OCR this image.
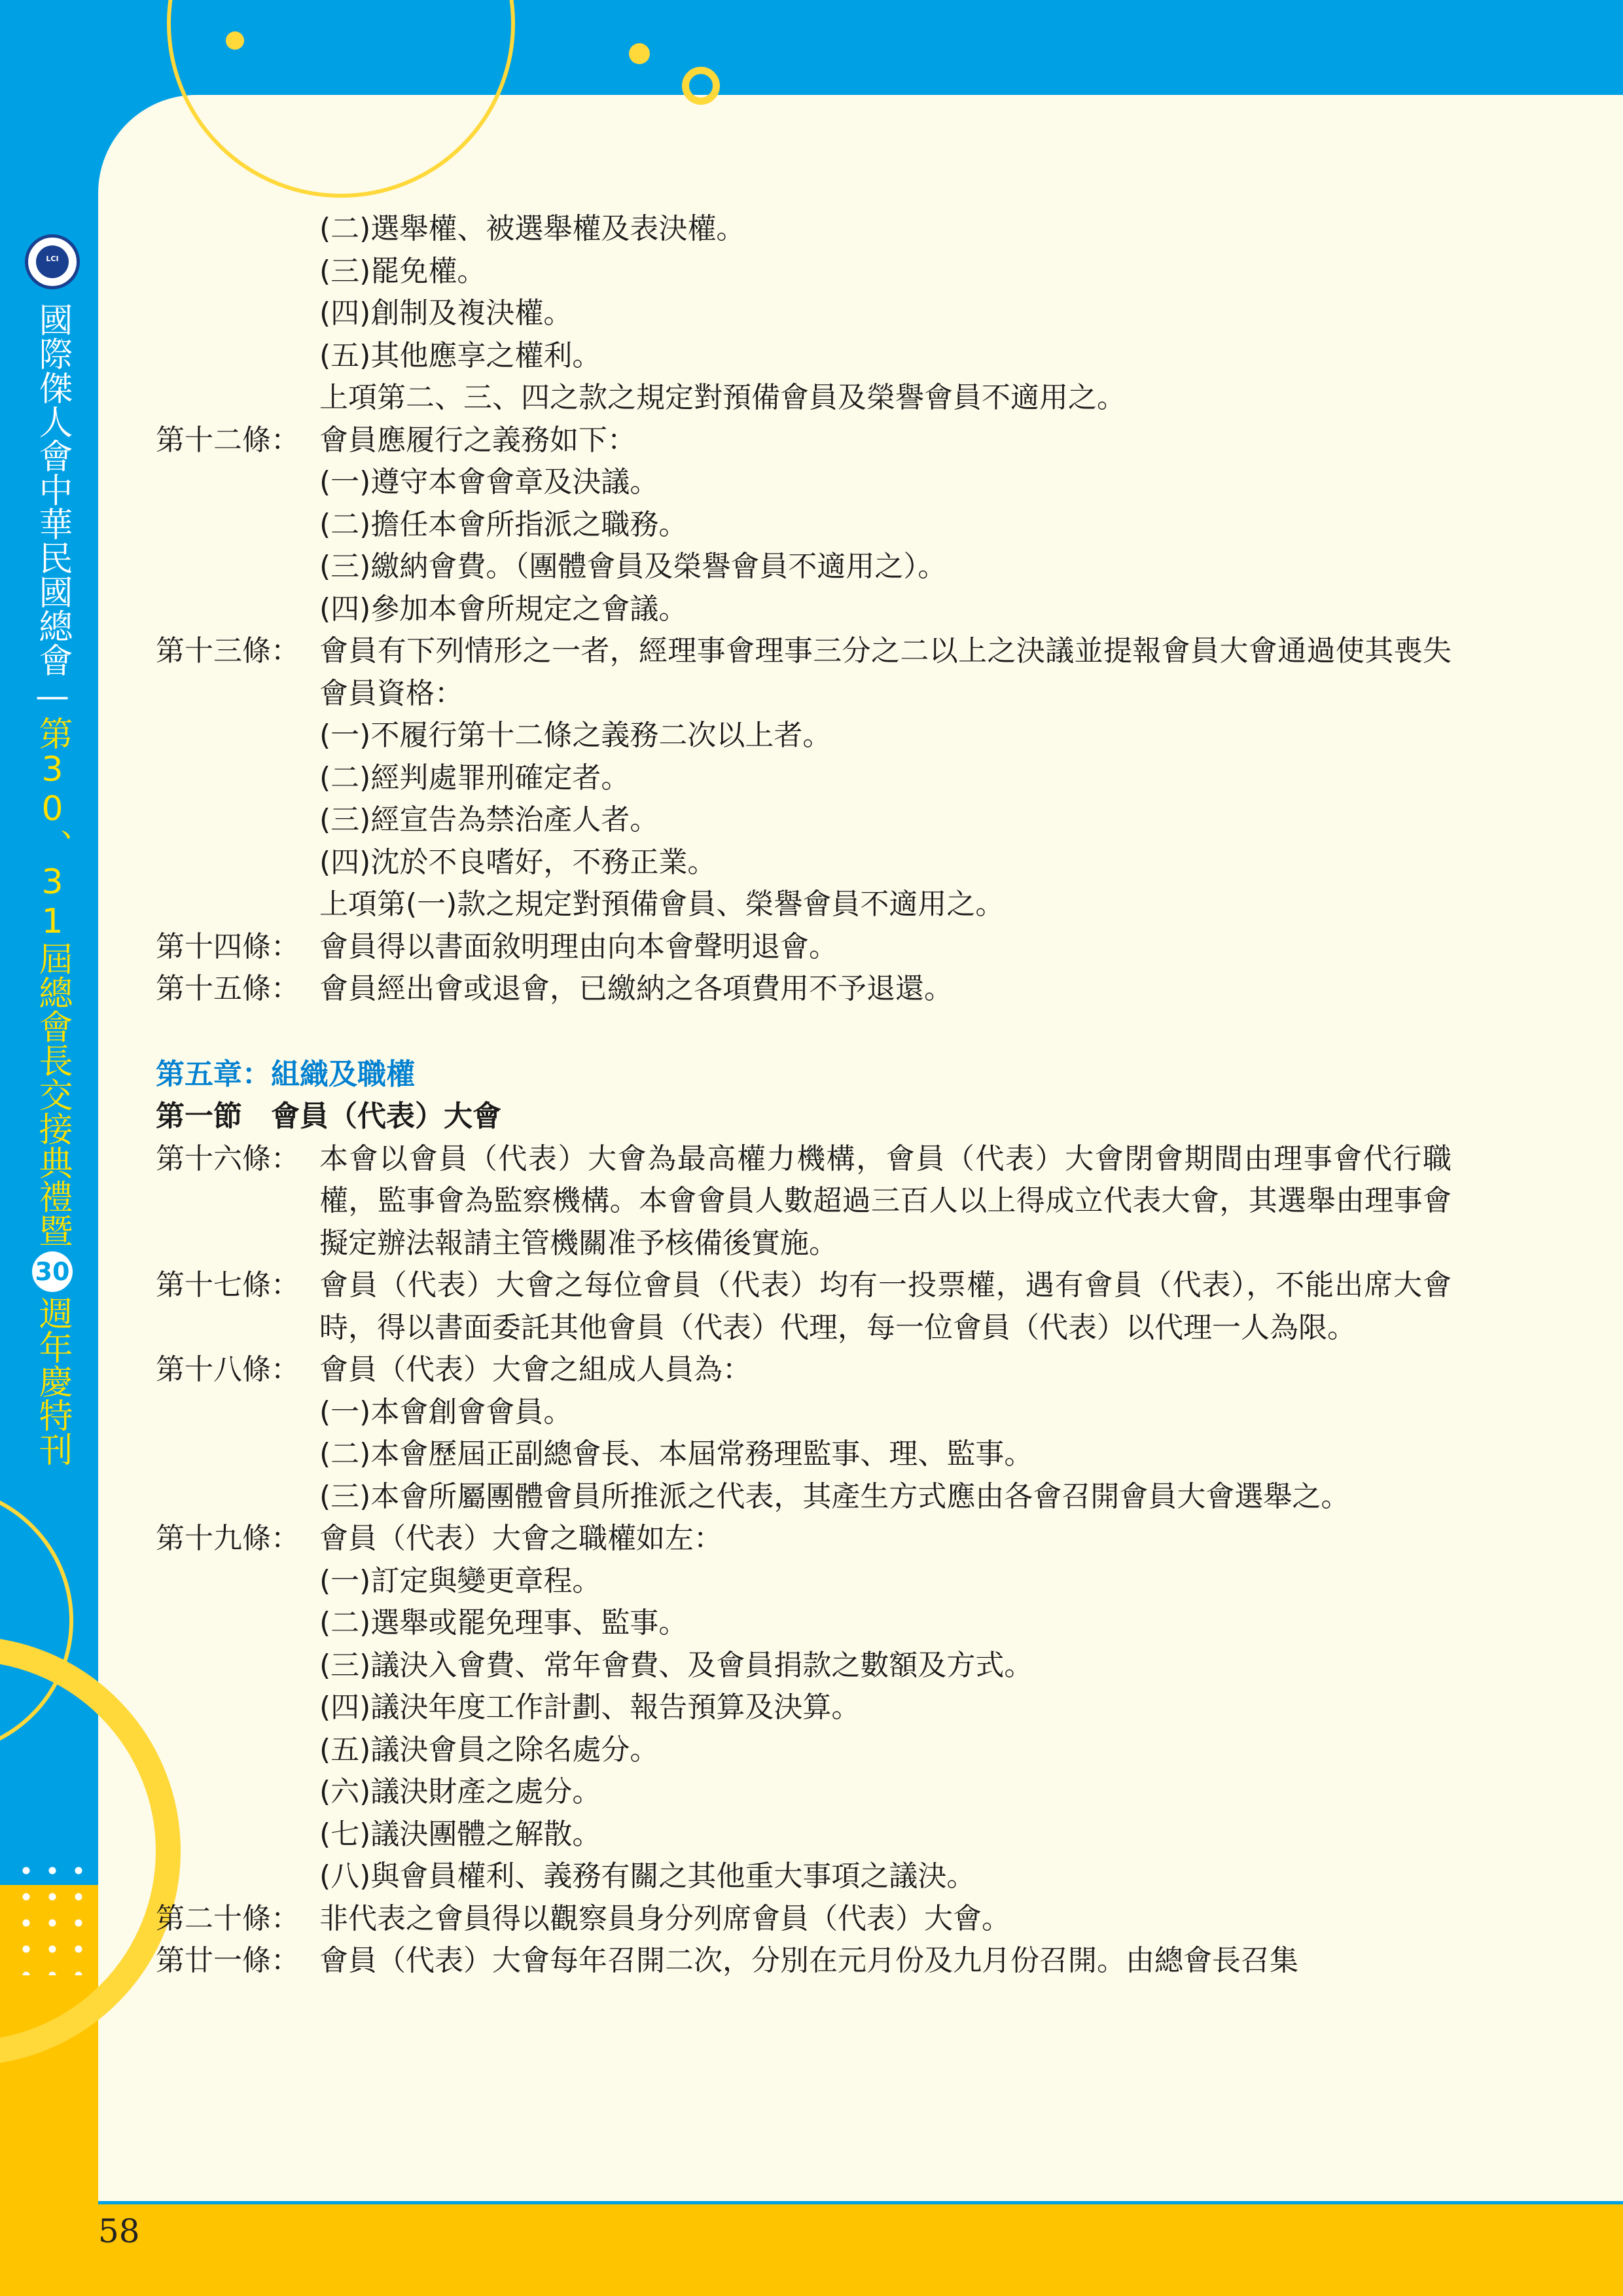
LCI
國際傑人會中華民國總會—第30、31屆總會長交接典禮暨30週年慶特刊
(二)選舉權、被選舉權及表決權。
(三)罷免權。
(四)創制及複決權。
(五)其他應享之權利。
上項第二、三、四之款之規定對預備會員及榮譽會員不適用之。
第十二條： 會員應履行之義務如下：
(一)遵守本會會章及決議。
(二)擔任本會所指派之職務。
(三)繳納會費。（團體會員及榮譽會員不適用之）。
(四)參加本會所規定之會議。
第十三條： 會員有下列情形之一者，經理事會理事三分之二以上之決議並提報會員大會通過使其喪失會員資格：
(一)不履行第十二條之義務二次以上者。
(二)經判處罪刑確定者。
(三)經宣告為禁治產人者。
(四)沈於不良嗜好，不務正業。
上項第(一)款之規定對預備會員、榮譽會員不適用之。
第十四條： 會員得以書面敘明理由向本會聲明退會。
第十五條： 會員經出會或退會，已繳納之各項費用不予退還。
第五章：組織及職權
第一節　會員（代表）大會
第十六條： 本會以會員（代表）大會為最高權力機構，會員（代表）大會閉會期間由理事會代行職權，監事會為監察機構。本會會員人數超過三百人以上得成立代表大會，其選舉由理事會擬定辦法報請主管機關准予核備後實施。
第十七條： 會員（代表）大會之每位會員（代表）均有一投票權，遇有會員（代表），不能出席大會時，得以書面委託其他會員（代表）代理，每一位會員（代表）以代理一人為限。
第十八條： 會員（代表）大會之組成人員為：
(一)本會創會會員。
(二)本會歷屆正副總會長、本屆常務理監事、理、監事。
(三)本會所屬團體會員所推派之代表，其產生方式應由各會召開會員大會選舉之。
第十九條： 會員（代表）大會之職權如左：
(一)訂定與變更章程。
(二)選舉或罷免理事、監事。
(三)議決入會費、常年會費、及會員捐款之數額及方式。
(四)議決年度工作計劃、報告預算及決算。
(五)議決會員之除名處分。
(六)議決財產之處分。
(七)議決團體之解散。
(八)與會員權利、義務有關之其他重大事項之議決。
第二十條： 非代表之會員得以觀察員身分列席會員（代表）大會。
第廿一條： 會員（代表）大會每年召開二次，分別在元月份及九月份召開。由總會長召集
58
